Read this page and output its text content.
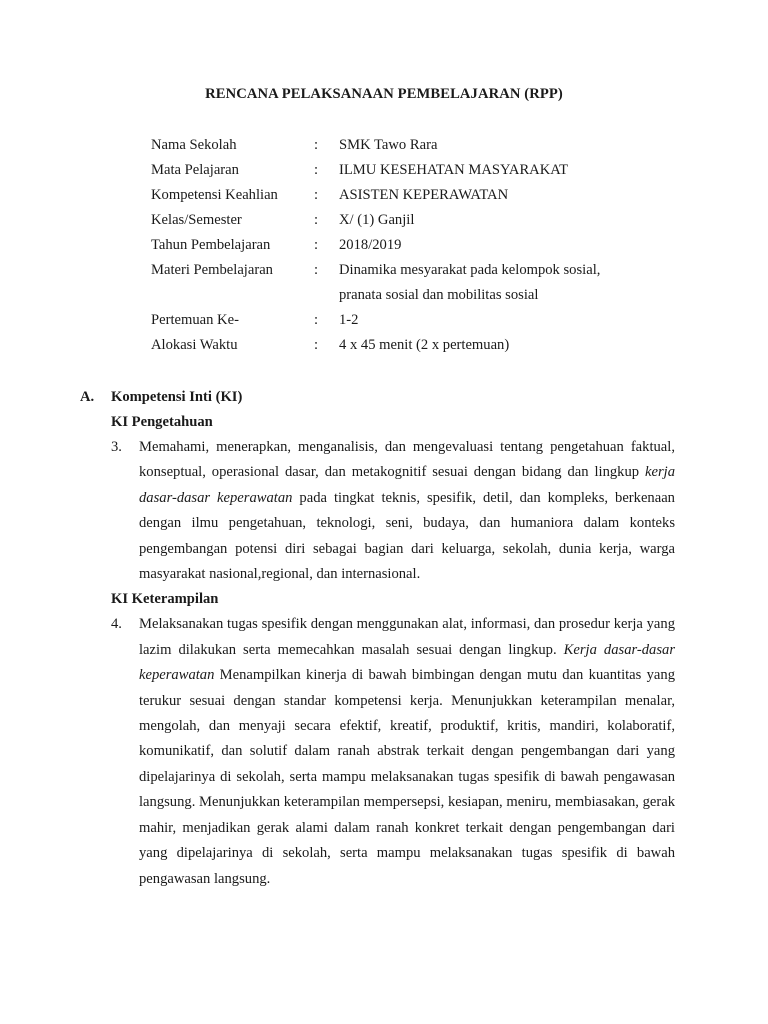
RENCANA PELAKSANAAN PEMBELAJARAN (RPP)
Nama Sekolah	:	SMK Tawo Rara
Mata Pelajaran	:	ILMU KESEHATAN MASYARAKAT
Kompetensi Keahlian	:	ASISTEN KEPERAWATAN
Kelas/Semester	:	X/ (1) Ganjil
Tahun Pembelajaran	:	2018/2019
Materi Pembelajaran	:	Dinamika mesyarakat pada kelompok sosial,
pranata sosial dan mobilitas sosial
Pertemuan Ke-	:	1-2
Alokasi Waktu	:	4 x 45 menit (2 x pertemuan)
A.	Kompetensi Inti (KI)
KI Pengetahuan
3.	Memahami, menerapkan, menganalisis, dan mengevaluasi tentang pengetahuan faktual, konseptual, operasional dasar, dan metakognitif sesuai dengan bidang dan lingkup kerja dasar-dasar keperawatan pada tingkat teknis, spesifik, detil, dan kompleks, berkenaan dengan ilmu pengetahuan, teknologi, seni, budaya, dan humaniora dalam konteks pengembangan potensi diri sebagai bagian dari keluarga, sekolah, dunia kerja, warga masyarakat nasional,regional, dan internasional.
KI Keterampilan
4.	Melaksanakan tugas spesifik dengan menggunakan alat, informasi, dan prosedur kerja yang lazim dilakukan serta memecahkan masalah sesuai dengan lingkup. Kerja dasar-dasar keperawatan Menampilkan kinerja di bawah bimbingan dengan mutu dan kuantitas yang terukur sesuai dengan standar kompetensi kerja. Menunjukkan keterampilan menalar, mengolah, dan menyaji secara efektif, kreatif, produktif, kritis, mandiri, kolaboratif, komunikatif, dan solutif dalam ranah abstrak terkait dengan pengembangan dari yang dipelajarinya di sekolah, serta mampu melaksanakan tugas spesifik di bawah pengawasan langsung. Menunjukkan keterampilan mempersepsi, kesiapan, meniru, membiasakan, gerak mahir, menjadikan gerak alami dalam ranah konkret terkait dengan pengembangan dari yang dipelajarinya di sekolah, serta mampu melaksanakan tugas spesifik di bawah pengawasan langsung.
